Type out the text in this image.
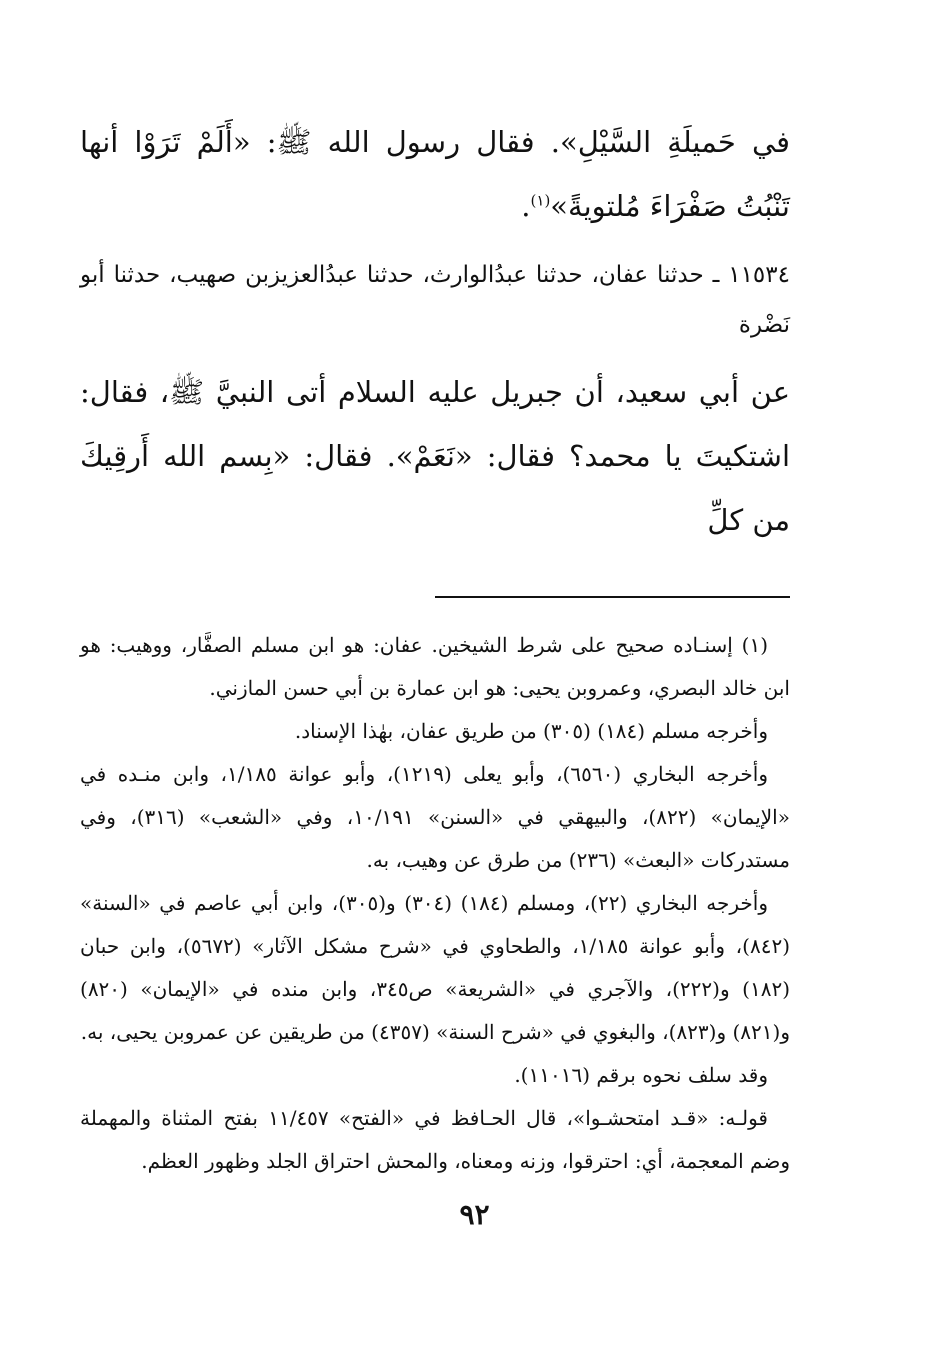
في حَميلَةِ السَّيْلِ». فقال رسول الله ﷺ: «أَلَمْ تَرَوْا أنها تَنْبُتُ صَفْرَاءَ مُلتويةً»$^{(١)}$.

١١٥٣٤ ـ حدثنا عفان، حدثنا عبدُالوارث، حدثنا عبدُالعزيزبن صهيب، حدثنا أبو نَضْرة

عن أبي سعيد، أن جبريل عليه السلام أتى النبيَّ ﷺ، فقال: اشتكيتَ يا محمد؟ فقال: «نَعَمْ». فقال: «بِسم الله أَرقِيكَ من كلِّ

(١) إسنـاده صحيح على شرط الشيخين. عفان: هو ابن مسلم الصفَّار، ووهيب: هو ابن خالد البصري، وعمروبن يحيى: هو ابن عمارة بن أبي حسن المازني.

وأخرجه مسلم (١٨٤) (٣٠٥) من طريق عفان، بهٰذا الإسناد.

وأخرجه البخاري (٦٥٦٠)، وأبو يعلى (١٢١٩)، وأبو عوانة ١/١٨٥، وابن منـده في «الإيمان» (٨٢٢)، والبيهقي في «السنن» ١٠/١٩١، وفي «الشعب» (٣١٦)، وفي مستدركات «البعث» (٢٣٦) من طرق عن وهيب، به.

وأخرجه البخاري (٢٢)، ومسلم (١٨٤) (٣٠٤) و(٣٠٥)، وابن أبي عاصم في «السنة» (٨٤٢)، وأبو عوانة ١/١٨٥، والطحاوي في «شرح مشكل الآثار» (٥٦٧٢)، وابن حبان (١٨٢) و(٢٢٢)، والآجري في «الشريعة» ص٣٤٥، وابن منده في «الإيمان» (٨٢٠) و(٨٢١) و(٨٢٣)، والبغوي في «شرح السنة» (٤٣٥٧) من طريقين عن عمروبن يحيى، به.

وقد سلف نحوه برقم (١١٠١٦).

قولـه: «قـد امتحشـوا»، قال الحـافظ في «الفتح» ١١/٤٥٧ بفتح المثناة والمهملة وضم المعجمة، أي: احترقوا، وزنه ومعناه، والمحش احتراق الجلد وظهور العظم.

٩٢
